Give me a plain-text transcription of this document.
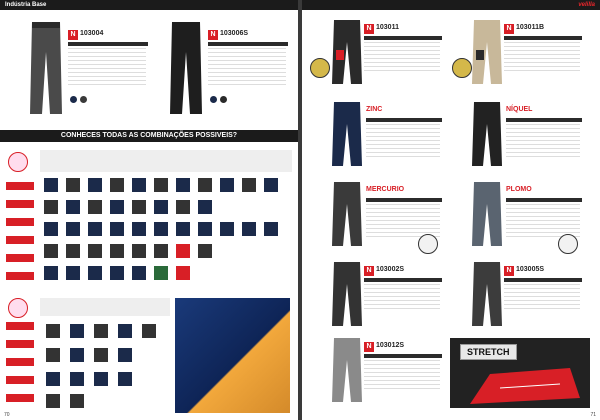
Indústria Base
N 103004	N 103006S
CONHECES TODAS AS COMBINAÇÕES POSSIVEIS?
70
velilla
N 103011	N 103011B
ZINC	NÍQUEL
MERCURIO	PLOMO
N 103002S	N 103005S
N 103012S
STRETCH
71
